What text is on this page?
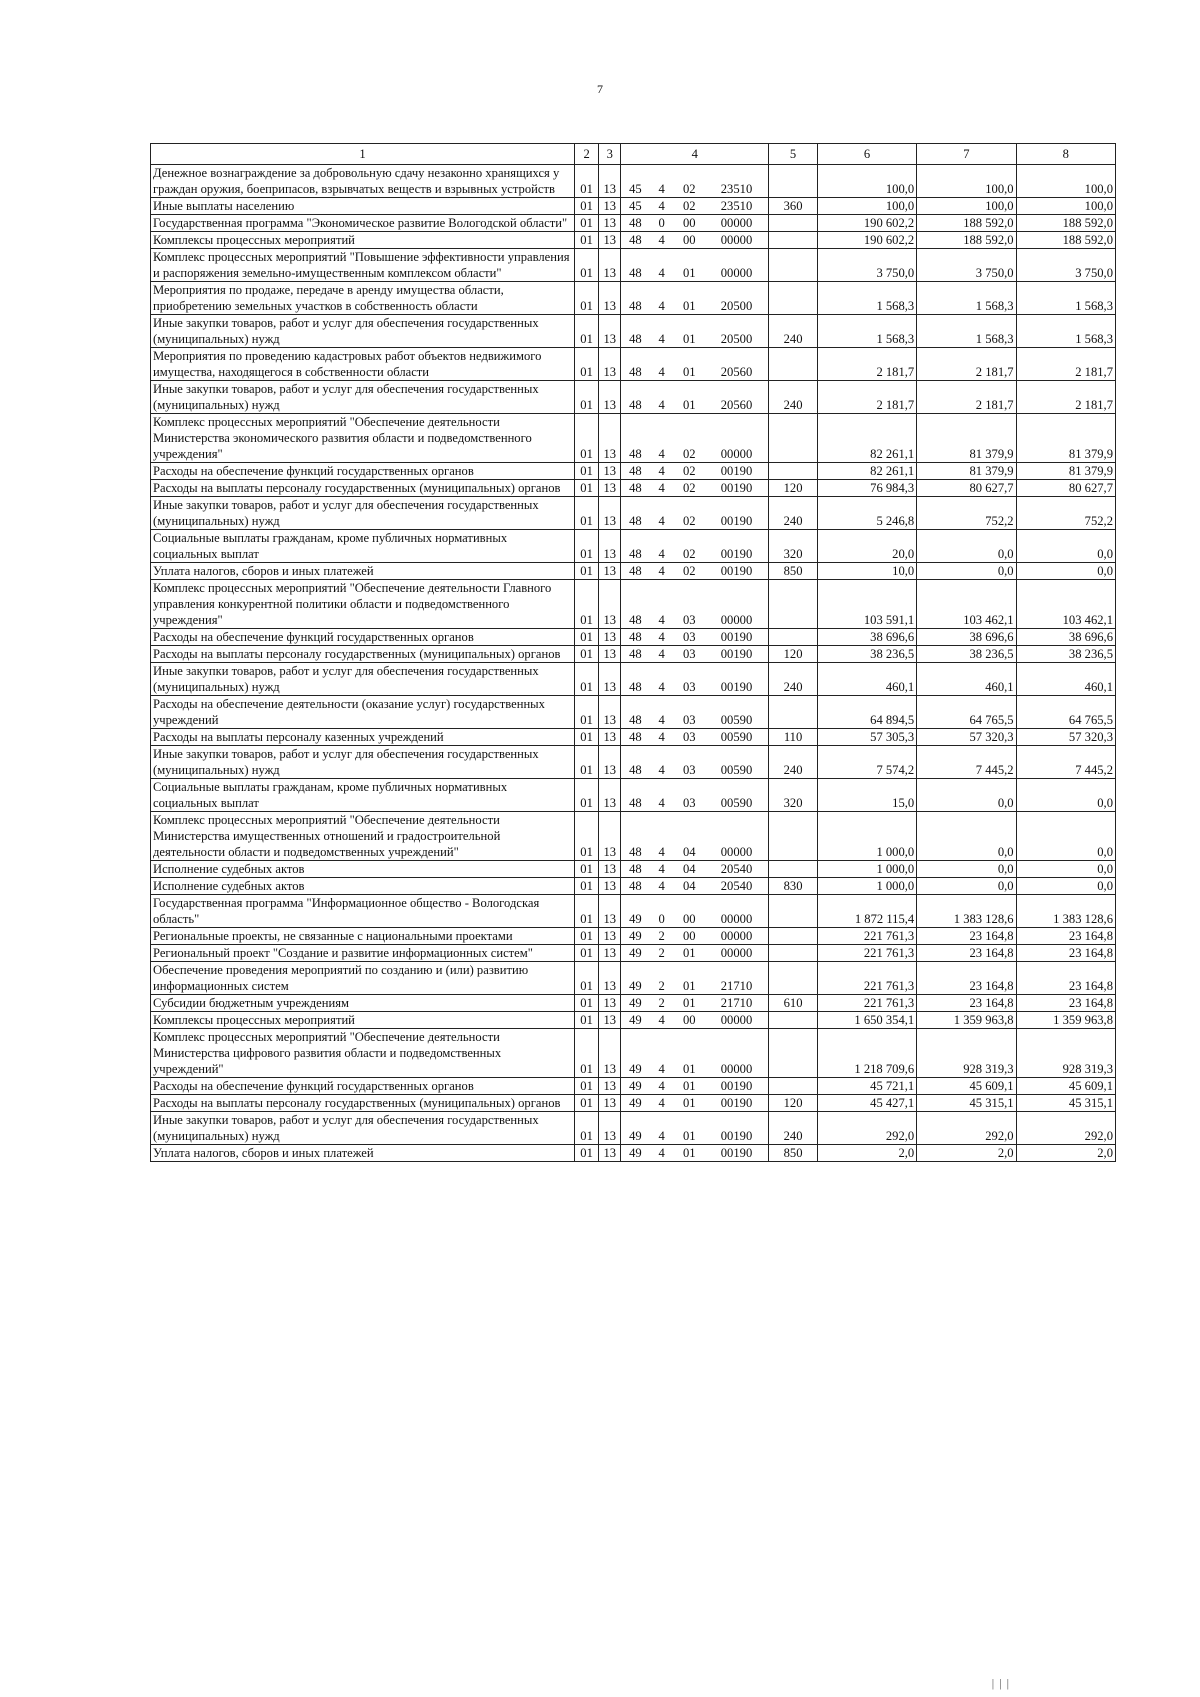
7
1	2	3	4				5	6	7	8
Денежное вознаграждение за добровольную сдачу незаконно хранящихся у граждан оружия, боеприпасов, взрывчатых веществ и взрывных устройств	01	13	45	4	02	23510		100,0	100,0	100,0
Иные выплаты населению	01	13	45	4	02	23510	360	100,0	100,0	100,0
Государственная программа "Экономическое развитие Вологодской области"	01	13	48	0	00	00000		190 602,2	188 592,0	188 592,0
Комплексы процессных мероприятий	01	13	48	4	00	00000		190 602,2	188 592,0	188 592,0
Комплекс процессных мероприятий "Повышение эффективности управления и распоряжения земельно-имущественным комплексом области"	01	13	48	4	01	00000		3 750,0	3 750,0	3 750,0
Мероприятия по продаже, передаче в аренду имущества области, приобретению земельных участков в собственность области	01	13	48	4	01	20500		1 568,3	1 568,3	1 568,3
Иные закупки товаров, работ и услуг для обеспечения государственных (муниципальных) нужд	01	13	48	4	01	20500	240	1 568,3	1 568,3	1 568,3
Мероприятия по проведению кадастровых работ объектов недвижимого имущества, находящегося в собственности области	01	13	48	4	01	20560		2 181,7	2 181,7	2 181,7
Иные закупки товаров, работ и услуг для обеспечения государственных (муниципальных) нужд	01	13	48	4	01	20560	240	2 181,7	2 181,7	2 181,7
Комплекс процессных мероприятий "Обеспечение деятельности Министерства экономического развития области и подведомственного учреждения"	01	13	48	4	02	00000		82 261,1	81 379,9	81 379,9
Расходы на обеспечение функций государственных органов	01	13	48	4	02	00190		82 261,1	81 379,9	81 379,9
Расходы на выплаты персоналу государственных (муниципальных) органов	01	13	48	4	02	00190	120	76 984,3	80 627,7	80 627,7
Иные закупки товаров, работ и услуг для обеспечения государственных (муниципальных) нужд	01	13	48	4	02	00190	240	5 246,8	752,2	752,2
Социальные выплаты гражданам, кроме публичных нормативных социальных выплат	01	13	48	4	02	00190	320	20,0	0,0	0,0
Уплата налогов, сборов и иных платежей	01	13	48	4	02	00190	850	10,0	0,0	0,0
Комплекс процессных мероприятий "Обеспечение деятельности Главного управления конкурентной политики области и подведомственного учреждения"	01	13	48	4	03	00000		103 591,1	103 462,1	103 462,1
Расходы на обеспечение функций государственных органов	01	13	48	4	03	00190		38 696,6	38 696,6	38 696,6
Расходы на выплаты персоналу государственных (муниципальных) органов	01	13	48	4	03	00190	120	38 236,5	38 236,5	38 236,5
Иные закупки товаров, работ и услуг для обеспечения государственных (муниципальных) нужд	01	13	48	4	03	00190	240	460,1	460,1	460,1
Расходы на обеспечение деятельности (оказание услуг) государственных учреждений	01	13	48	4	03	00590		64 894,5	64 765,5	64 765,5
Расходы на выплаты персоналу казенных учреждений	01	13	48	4	03	00590	110	57 305,3	57 320,3	57 320,3
Иные закупки товаров, работ и услуг для обеспечения государственных (муниципальных) нужд	01	13	48	4	03	00590	240	7 574,2	7 445,2	7 445,2
Социальные выплаты гражданам, кроме публичных нормативных социальных выплат	01	13	48	4	03	00590	320	15,0	0,0	0,0
Комплекс процессных мероприятий "Обеспечение деятельности Министерства имущественных отношений и градостроительной деятельности области и подведомственных учреждений"	01	13	48	4	04	00000		1 000,0	0,0	0,0
Исполнение судебных актов	01	13	48	4	04	20540		1 000,0	0,0	0,0
Исполнение судебных актов	01	13	48	4	04	20540	830	1 000,0	0,0	0,0
Государственная программа "Информационное общество - Вологодская область"	01	13	49	0	00	00000		1 872 115,4	1 383 128,6	1 383 128,6
Региональные проекты, не связанные с национальными проектами	01	13	49	2	00	00000		221 761,3	23 164,8	23 164,8
Региональный проект "Создание и развитие информационных систем"	01	13	49	2	01	00000		221 761,3	23 164,8	23 164,8
Обеспечение проведения мероприятий по созданию и (или) развитию информационных систем	01	13	49	2	01	21710		221 761,3	23 164,8	23 164,8
Субсидии бюджетным учреждениям	01	13	49	2	01	21710	610	221 761,3	23 164,8	23 164,8
Комплексы процессных мероприятий	01	13	49	4	00	00000		1 650 354,1	1 359 963,8	1 359 963,8
Комплекс процессных мероприятий "Обеспечение деятельности Министерства цифрового развития области и подведомственных учреждений"	01	13	49	4	01	00000		1 218 709,6	928 319,3	928 319,3
Расходы на обеспечение функций государственных органов	01	13	49	4	01	00190		45 721,1	45 609,1	45 609,1
Расходы на выплаты персоналу государственных (муниципальных) органов	01	13	49	4	01	00190	120	45 427,1	45 315,1	45 315,1
Иные закупки товаров, работ и услуг для обеспечения государственных (муниципальных) нужд	01	13	49	4	01	00190	240	292,0	292,0	292,0
Уплата налогов, сборов и иных платежей	01	13	49	4	01	00190	850	2,0	2,0	2,0
| | |
